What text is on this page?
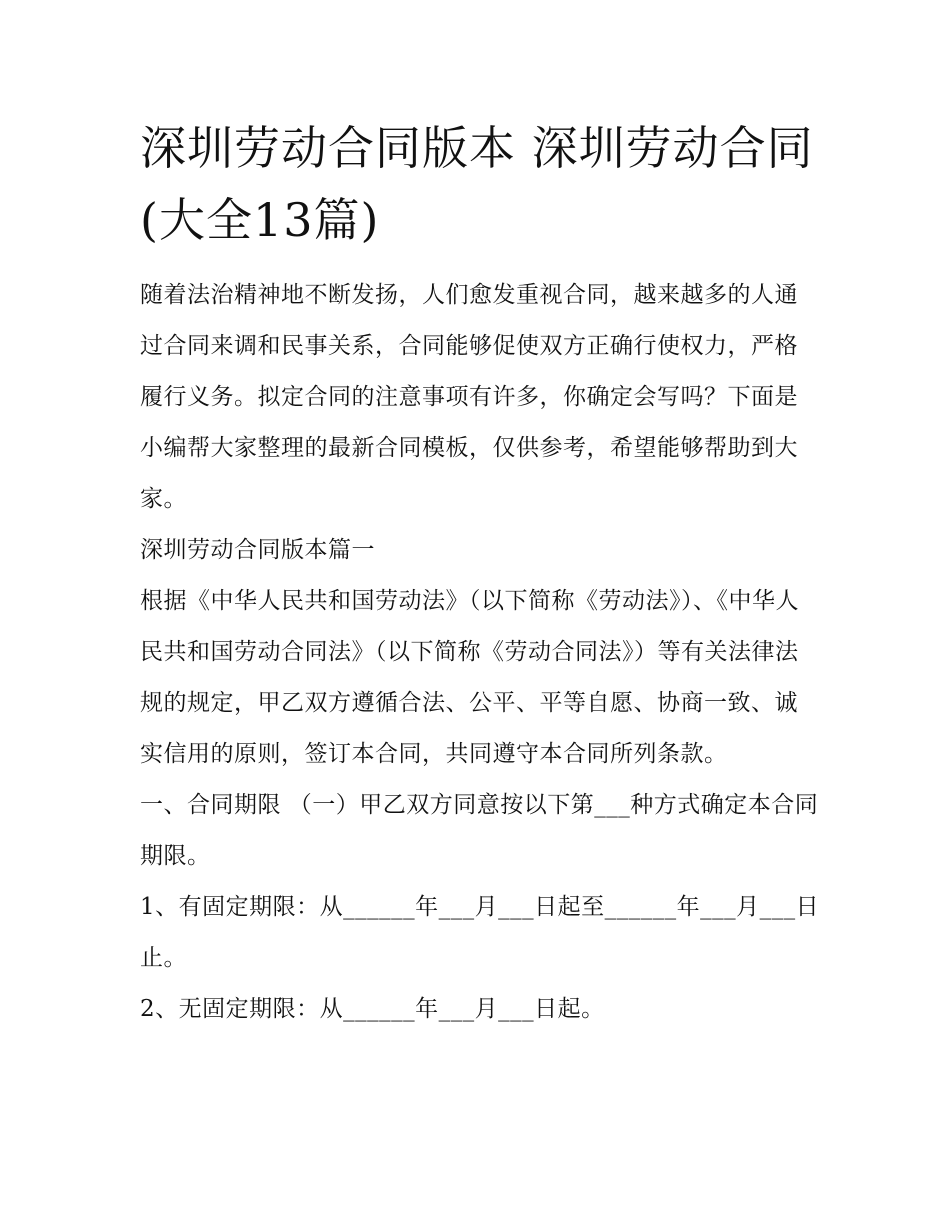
深圳劳动合同版本 深圳劳动合同(大全13篇)

随着法治精神地不断发扬，人们愈发重视合同，越来越多的人通过合同来调和民事关系，合同能够促使双方正确行使权力，严格履行义务。拟定合同的注意事项有许多，你确定会写吗？下面是小编帮大家整理的最新合同模板，仅供参考，希望能够帮助到大家。

深圳劳动合同版本篇一

根据《中华人民共和国劳动法》（以下简称《劳动法》）、《中华人民共和国劳动合同法》（以下简称《劳动合同法》）等有关法律法规的规定，甲乙双方遵循合法、公平、平等自愿、协商一致、诚实信用的原则，签订本合同，共同遵守本合同所列条款。

一、合同期限 （一）甲乙双方同意按以下第___种方式确定本合同期限。

1、有固定期限：从______年___月___日起至______年___月___日止。

2、无固定期限：从______年___月___日起。
